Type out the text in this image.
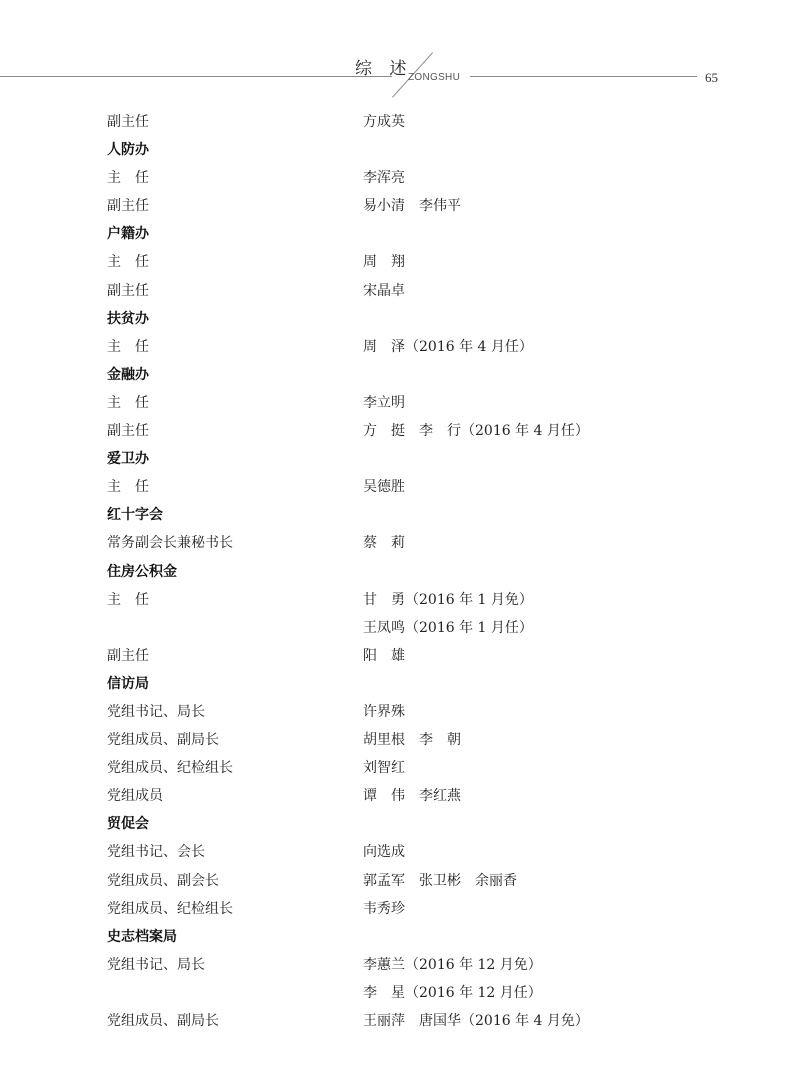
综 述
ZONGSHU	65
副主任	方成英
人防办
主　任	李浑亮
副主任	易小清　李伟平
户籍办
主　任	周　翔
副主任	宋晶卓
扶贫办
主　任	周　泽（2016 年 4 月任）
金融办
主　任	李立明
副主任	方　挺　李　行（2016 年 4 月任）
爱卫办
主　任	吴德胜
红十字会
常务副会长兼秘书长	蔡　莉
住房公积金
主　任	甘　勇（2016 年 1 月免）
王凤鸣（2016 年 1 月任）
副主任	阳　雄
信访局
党组书记、局长	许界殊
党组成员、副局长	胡里根　李　朝
党组成员、纪检组长	刘智红
党组成员	谭　伟　李红燕
贸促会
党组书记、会长	向选成
党组成员、副会长	郭孟军　张卫彬　余丽香
党组成员、纪检组长	韦秀珍
史志档案局
党组书记、局长	李蕙兰（2016 年 12 月免）
李　星（2016 年 12 月任）
党组成员、副局长	王丽萍　唐国华（2016 年 4 月免）
